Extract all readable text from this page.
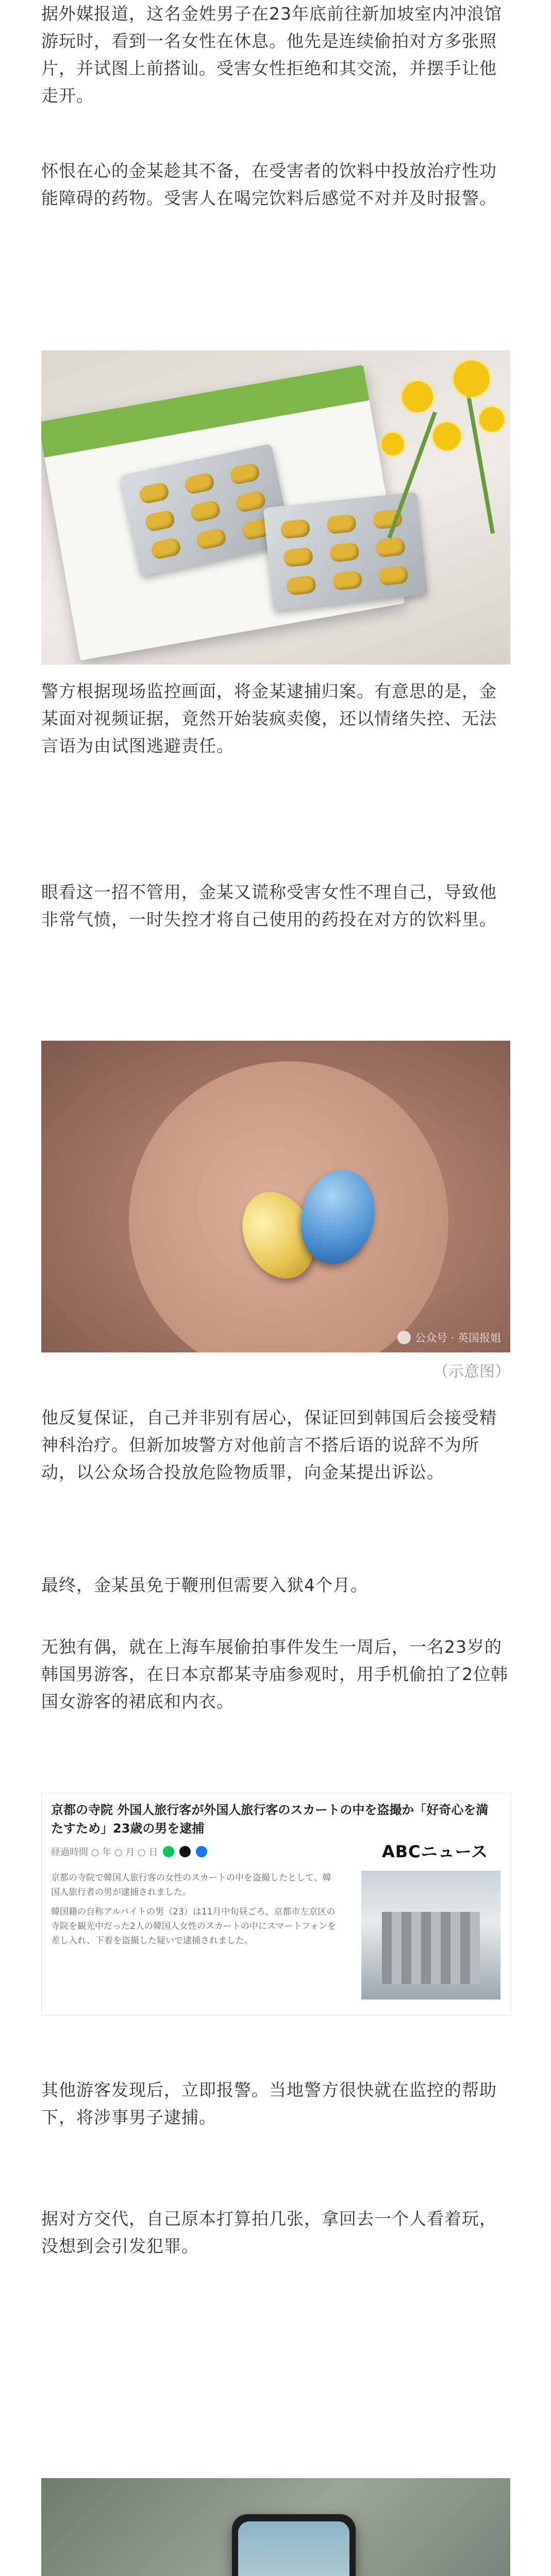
据外媒报道，这名金姓男子在23年底前往新加坡室内冲浪馆游玩时，看到一名女性在休息。他先是连续偷拍对方多张照片，并试图上前搭讪。受害女性拒绝和其交流，并摆手让他走开。

怀恨在心的金某趁其不备，在受害者的饮料中投放治疗性功能障碍的药物。受害人在喝完饮料后感觉不对并及时报警。

警方根据现场监控画面，将金某逮捕归案。有意思的是，金某面对视频证据，竟然开始装疯卖傻，还以情绪失控、无法言语为由试图逃避责任。

眼看这一招不管用，金某又谎称受害女性不理自己，导致他非常气愤，一时失控才将自己使用的药投在对方的饮料里。

公众号 · 英国报姐

（示意图）

他反复保证，自己并非别有居心，保证回到韩国后会接受精神科治疗。但新加坡警方对他前言不搭后语的说辞不为所动，以公众场合投放危险物质罪，向金某提出诉讼。

最终，金某虽免于鞭刑但需要入狱4个月。

无独有偶，就在上海车展偷拍事件发生一周后，一名23岁的韩国男游客，在日本京都某寺庙参观时，用手机偷拍了2位韩国女游客的裙底和内衣。

京都の寺院 外国人旅行客が外国人旅行客のスカートの中を盗撮か「好奇心を満たすため」23歳の男を逮捕

経過時間 ○ 年 ○ 月 ○ 日	ABCニュース

京都の寺院で韓国人旅行客の女性のスカートの中を盗撮したとして、韓国人旅行者の男が逮捕されました。

韓国籍の自称アルバイトの男（23）は11月中旬昼ごろ、京都市左京区の寺院を観光中だった2人の韓国人女性のスカートの中にスマートフォンを差し入れ、下着を盗撮した疑いで逮捕されました。

其他游客发现后，立即报警。当地警方很快就在监控的帮助下，将涉事男子逮捕。

据对方交代，自己原本打算拍几张，拿回去一个人看着玩，没想到会引发犯罪。
